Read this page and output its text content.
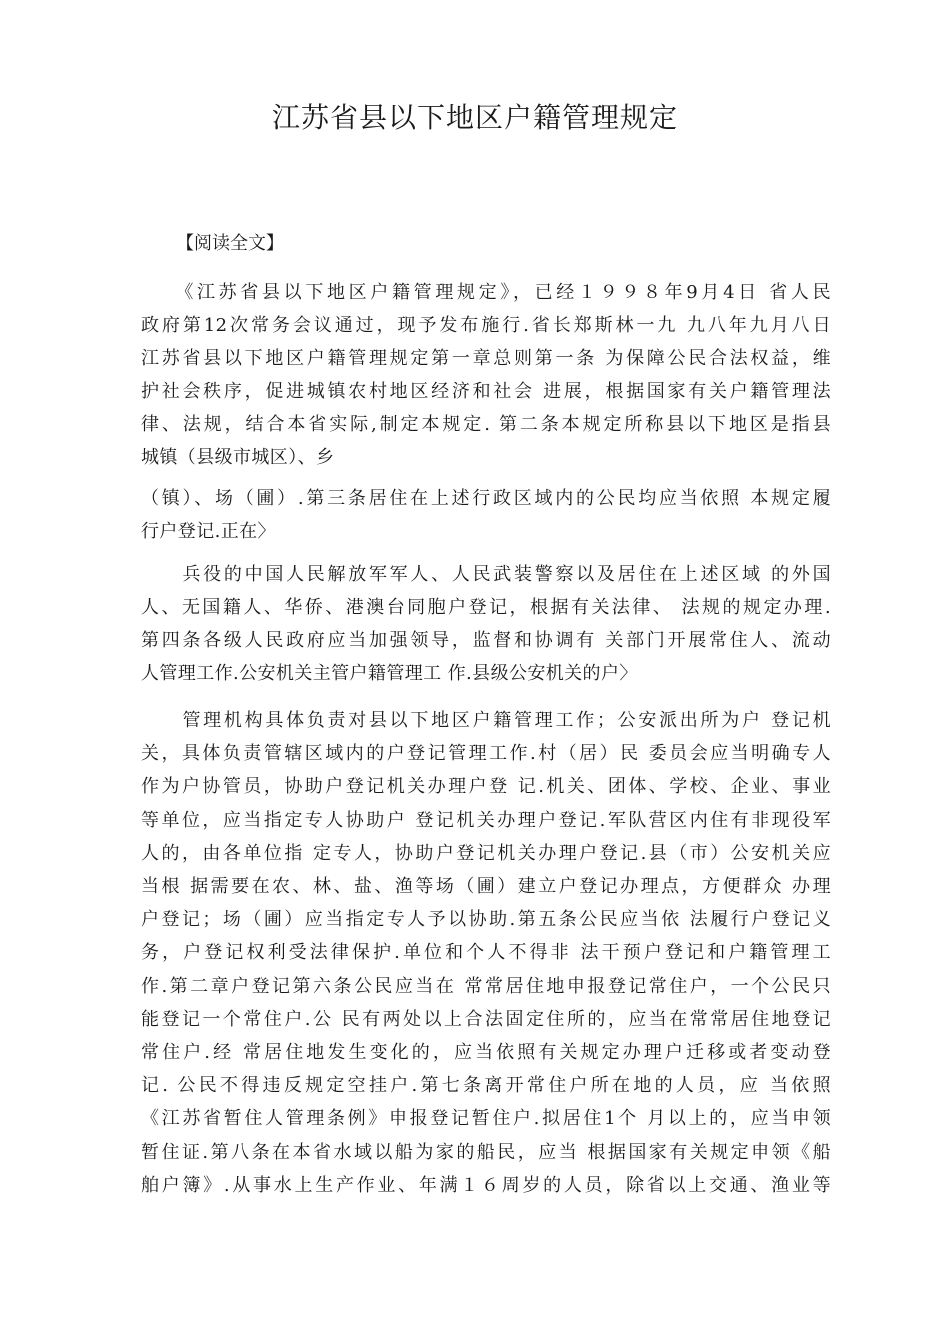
江苏省县以下地区户籍管理规定
【阅读全文】
　　《江苏省县以下地区户籍管理规定》，已经１９９８年9月4日 省人民
政府第12次常务会议通过，现予发布施行.省长郑斯林一九 九八年九月八日
江苏省县以下地区户籍管理规定第一章总则第一条 为保障公民合法权益，维
护社会秩序，促进城镇农村地区经济和社会 进展，根据国家有关户籍管理法
律、法规，结合本省实际,制定本规定. 第二条本规定所称县以下地区是指县
城镇（县级市城区）、乡
（镇）、场（圃）.第三条居住在上述行政区域内的公民均应当依照 本规定履
行户登记.正在〉
　　兵役的中国人民解放军军人、人民武装警察以及居住在上述区域 的外国
人、无国籍人、华侨、港澳台同胞户登记，根据有关法律、 法规的规定办理.
第四条各级人民政府应当加强领导，监督和协调有 关部门开展常住人、流动
人管理工作.公安机关主管户籍管理工 作.县级公安机关的户〉
　　管理机构具体负责对县以下地区户籍管理工作；公安派出所为户 登记机
关，具体负责管辖区域内的户登记管理工作.村（居）民 委员会应当明确专人
作为户协管员，协助户登记机关办理户登 记.机关、团体、学校、企业、事业
等单位，应当指定专人协助户 登记机关办理户登记.军队营区内住有非现役军
人的，由各单位指 定专人，协助户登记机关办理户登记.县（市）公安机关应
当根 据需要在农、林、盐、渔等场（圃）建立户登记办理点，方便群众 办理
户登记；场（圃）应当指定专人予以协助.第五条公民应当依 法履行户登记义
务，户登记权利受法律保护.单位和个人不得非 法干预户登记和户籍管理工
作.第二章户登记第六条公民应当在 常常居住地申报登记常住户，一个公民只
能登记一个常住户.公 民有两处以上合法固定住所的，应当在常常居住地登记
常住户.经 常居住地发生变化的，应当依照有关规定办理户迁移或者变动登
记. 公民不得违反规定空挂户.第七条离开常住户所在地的人员，应 当依照
《江苏省暂住人管理条例》申报登记暂住户.拟居住1个 月以上的，应当申领
暂住证.第八条在本省水域以船为家的船民，应当 根据国家有关规定申领《船
舶户簿》.从事水上生产作业、年满１６周岁的人员，除省以上交通、渔业等
